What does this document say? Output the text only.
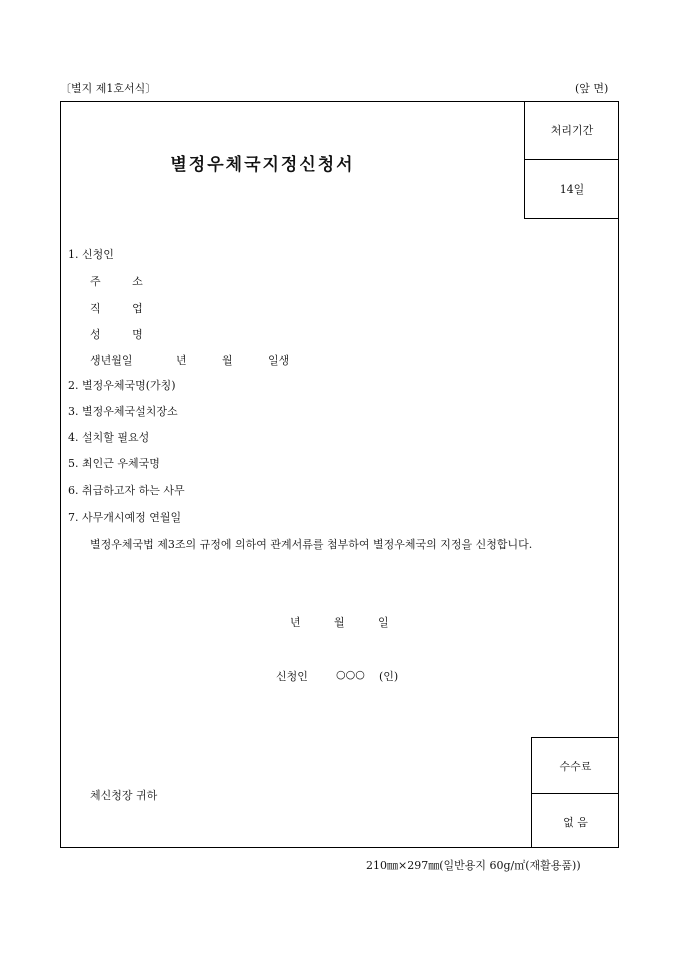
〔별지 제1호서식〕	(앞 면)
별정우체국지정신청서
처리기간
14일
1. 신청인
주 소
직 업
성 명
생년월일	년	월	일생
2. 별정우체국명(가칭)
3. 별정우체국설치장소
4. 설치할 필요성
5. 최인근 우체국명
6. 취급하고자 하는 사무
7. 사무개시예정 연월일
별정우체국법 제3조의 규정에 의하여 관계서류를 첨부하여 별정우체국의 지정을 신청합니다.
년	월	일
신청인	○○○ (인)
체신청장 귀하
수수료
없 음
210㎜×297㎜(일반용지 60g/㎡(재활용품))
